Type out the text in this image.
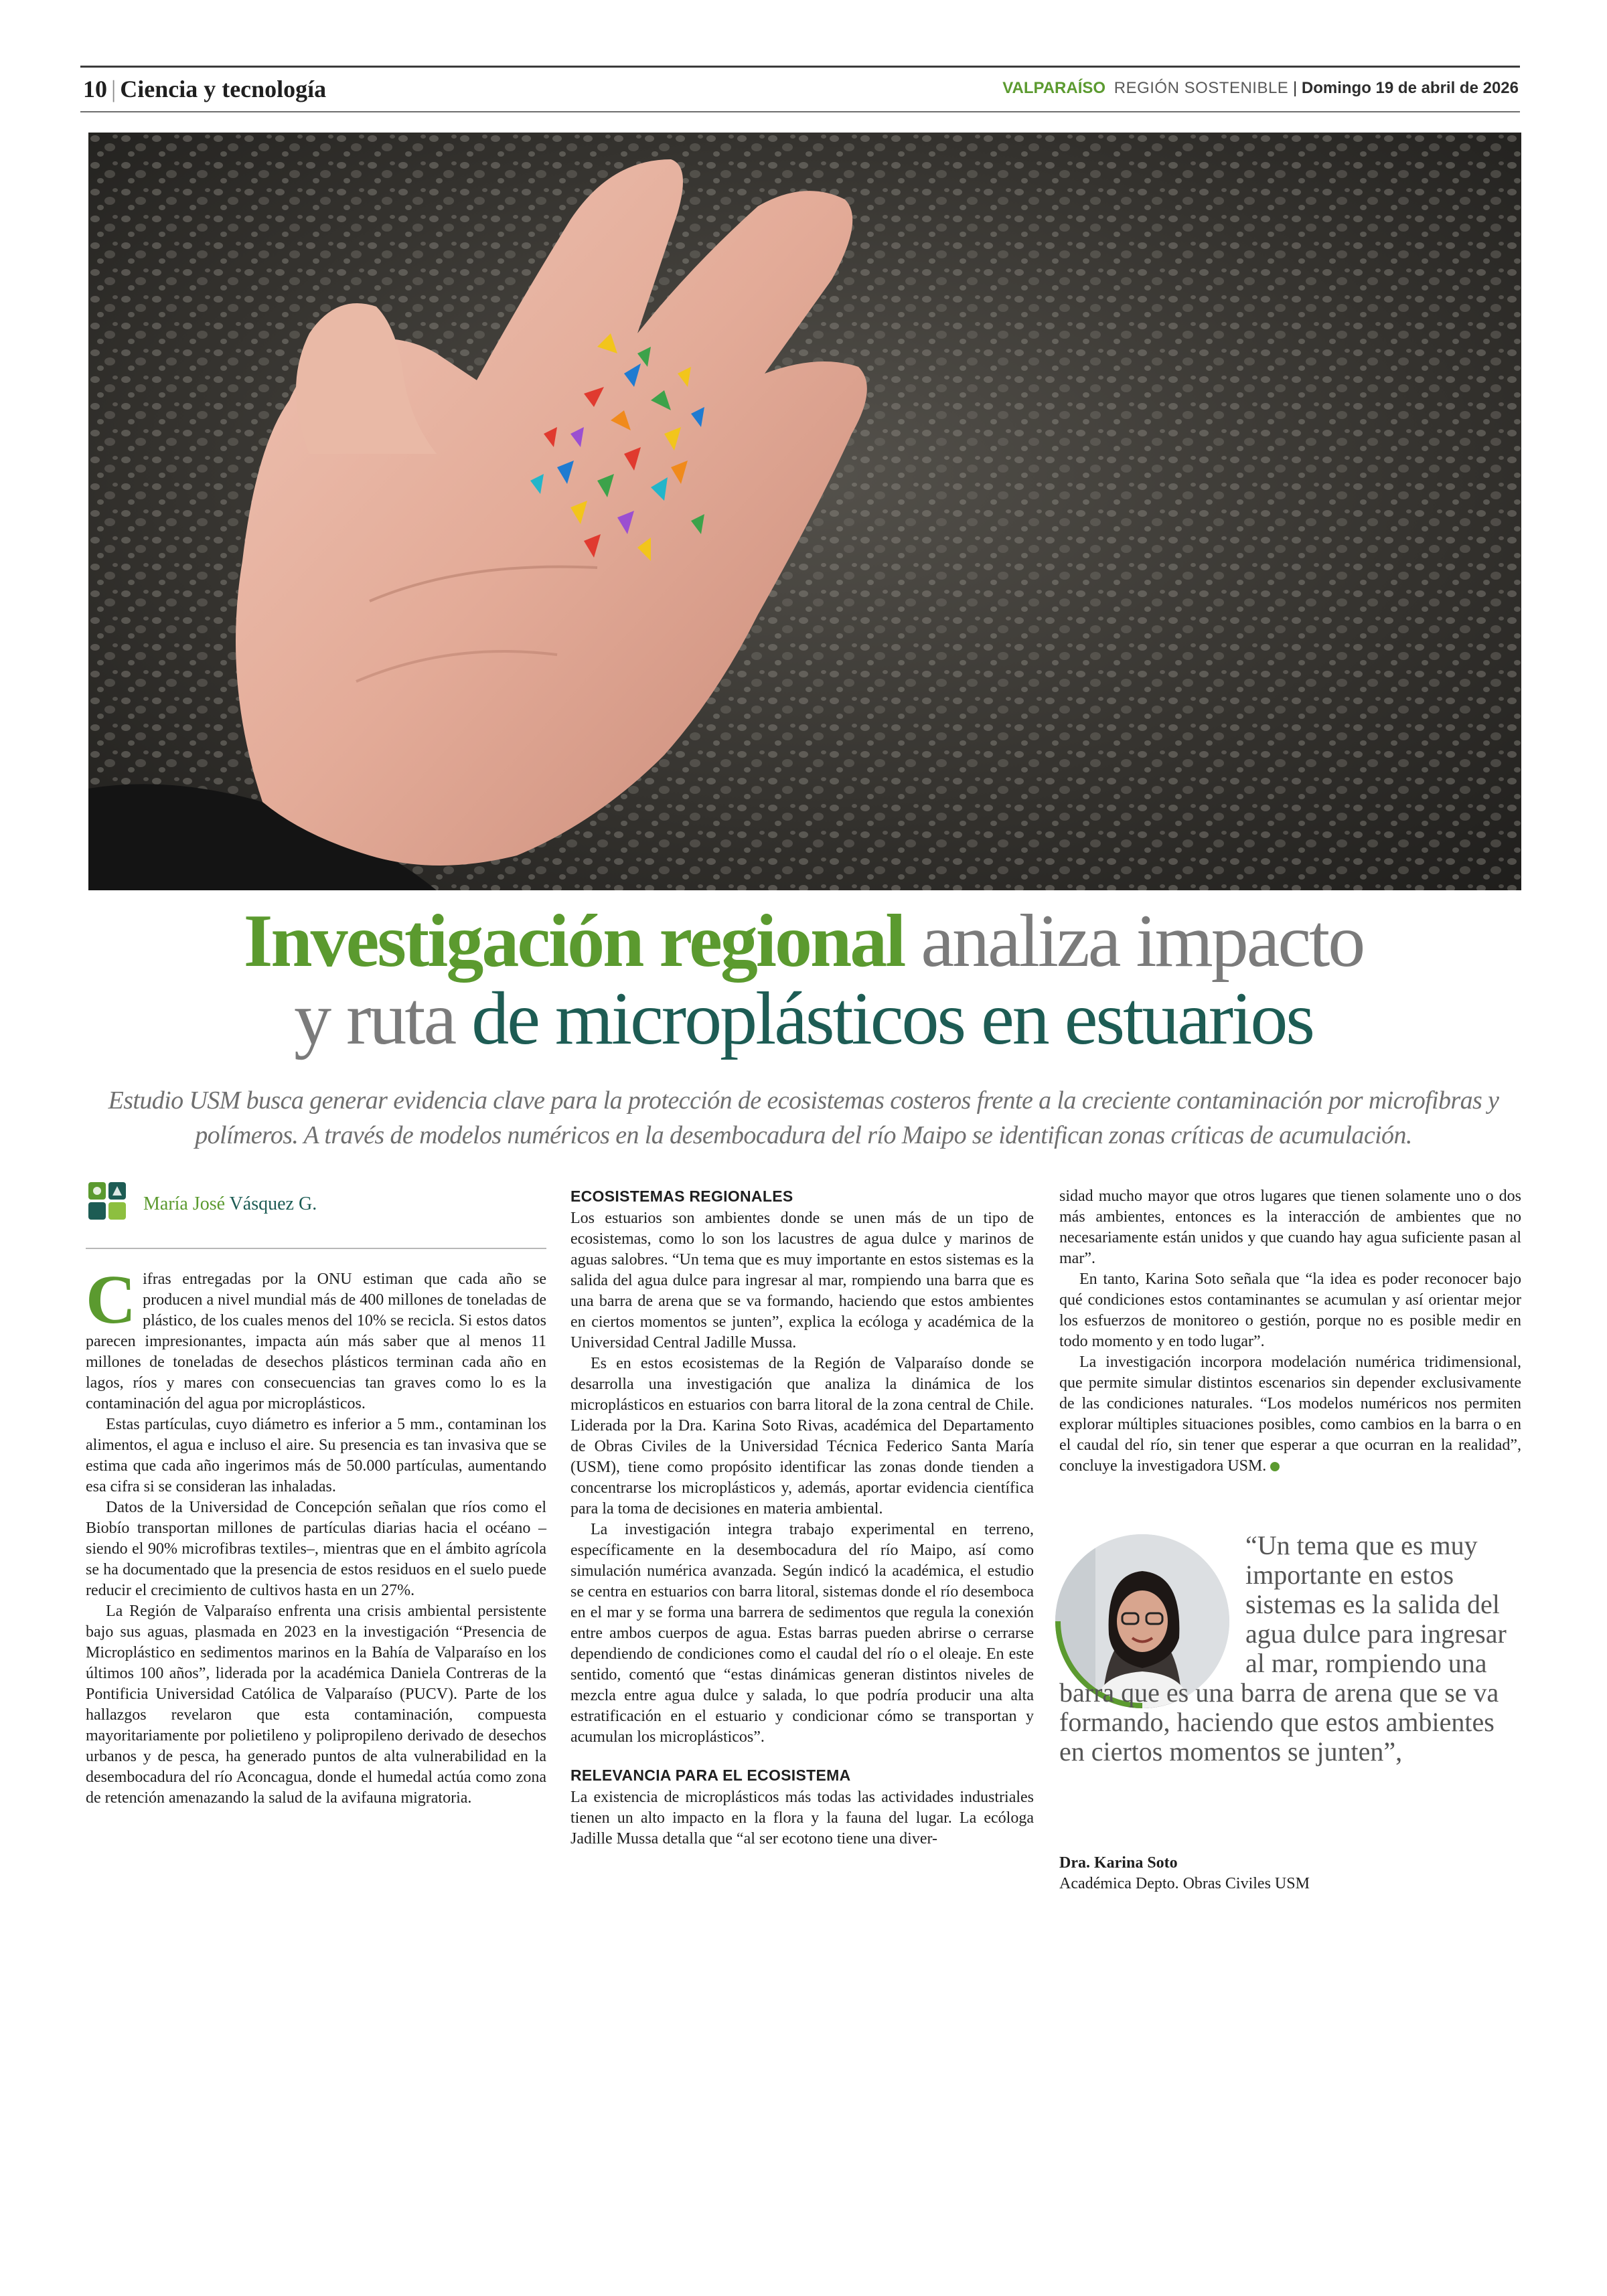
10 | Ciencia y tecnología	VALPARAÍSO REGIÓN SOSTENIBLE | Domingo 19 de abril de 2026
Investigación regional analiza impacto
y ruta de microplásticos en estuarios
Estudio USM busca generar evidencia clave para la protección de ecosistemas costeros frente a la creciente contaminación por microfibras y polímeros. A través de modelos numéricos en la desembocadura del río Maipo se identifican zonas críticas de acumulación.
María José Vásquez G.

Cifras entregadas por la ONU estiman que cada año se producen a nivel mundial más de 400 millones de toneladas de plástico, de los cuales menos del 10% se recicla. Si estos datos parecen impresionantes, impacta aún más saber que al menos 11 millones de toneladas de desechos plásticos terminan cada año en lagos, ríos y mares con consecuencias tan graves como lo es la contaminación del agua por microplásticos.

Estas partículas, cuyo diámetro es inferior a 5 mm., contaminan los alimentos, el agua e incluso el aire. Su presencia es tan invasiva que se estima que cada año ingerimos más de 50.000 partículas, aumentando esa cifra si se consideran las inhaladas.

Datos de la Universidad de Concepción señalan que ríos como el Biobío transportan millones de partículas diarias hacia el océano –siendo el 90% microfibras textiles–, mientras que en el ámbito agrícola se ha documentado que la presencia de estos residuos en el suelo puede reducir el crecimiento de cultivos hasta en un 27%.

La Región de Valparaíso enfrenta una crisis ambiental persistente bajo sus aguas, plasmada en 2023 en la investigación “Presencia de Microplástico en sedimentos marinos en la Bahía de Valparaíso en los últimos 100 años”, liderada por la académica Daniela Contreras de la Pontificia Universidad Católica de Valparaíso (PUCV). Parte de los hallazgos revelaron que esta contaminación, compuesta mayoritariamente por polietileno y polipropileno derivado de desechos urbanos y de pesca, ha generado puntos de alta vulnerabilidad en la desembocadura del río Aconcagua, donde el humedal actúa como zona de retención amenazando la salud de la avifauna migratoria.

ECOSISTEMAS REGIONALES

Los estuarios son ambientes donde se unen más de un tipo de ecosistemas, como lo son los lacustres de agua dulce y marinos de aguas salobres. “Un tema que es muy importante en estos sistemas es la salida del agua dulce para ingresar al mar, rompiendo una barra que es una barra de arena que se va formando, haciendo que estos ambientes en ciertos momentos se junten”, explica la ecóloga y académica de la Universidad Central Jadille Mussa.

Es en estos ecosistemas de la Región de Valparaíso donde se desarrolla una investigación que analiza la dinámica de los microplásticos en estuarios con barra litoral de la zona central de Chile. Liderada por la Dra. Karina Soto Rivas, académica del Departamento de Obras Civiles de la Universidad Técnica Federico Santa María (USM), tiene como propósito identificar las zonas donde tienden a concentrarse los microplásticos y, además, aportar evidencia científica para la toma de decisiones en materia ambiental.

La investigación integra trabajo experimental en terreno, específicamente en la desembocadura del río Maipo, así como simulación numérica avanzada. Según indicó la académica, el estudio se centra en estuarios con barra litoral, sistemas donde el río desemboca en el mar y se forma una barrera de sedimentos que regula la conexión entre ambos cuerpos de agua. Estas barras pueden abrirse o cerrarse dependiendo de condiciones como el caudal del río o el oleaje. En este sentido, comentó que “estas dinámicas generan distintos niveles de mezcla entre agua dulce y salada, lo que podría producir una alta estratificación en el estuario y condicionar cómo se transportan y acumulan los microplásticos”.

RELEVANCIA PARA EL ECOSISTEMA

La existencia de microplásticos más todas las actividades industriales tienen un alto impacto en la flora y la fauna del lugar. La ecóloga Jadille Mussa detalla que “al ser ecotono tiene una diver-

sidad mucho mayor que otros lugares que tienen solamente uno o dos más ambientes, entonces es la interacción de ambientes que no necesariamente están unidos y que cuando hay agua suficiente pasan al mar”.

En tanto, Karina Soto señala que “la idea es poder reconocer bajo qué condiciones estos contaminantes se acumulan y así orientar mejor los esfuerzos de monitoreo o gestión, porque no es posible medir en todo momento y en todo lugar”.

La investigación incorpora modelación numérica tridimensional, que permite simular distintos escenarios sin depender exclusivamente de las condiciones naturales. “Los modelos numéricos nos permiten explorar múltiples situaciones posibles, como cambios en la barra o en el caudal del río, sin tener que esperar a que ocurran en la realidad”, concluye la investigadora USM.

“Un tema que es muy importante en estos sistemas es la salida del agua dulce para ingresar al mar, rompiendo una barra que es una barra de arena que se va formando, haciendo que estos ambientes en ciertos momentos se junten”,
Dra. Karina Soto
Académica Depto. Obras Civiles USM
